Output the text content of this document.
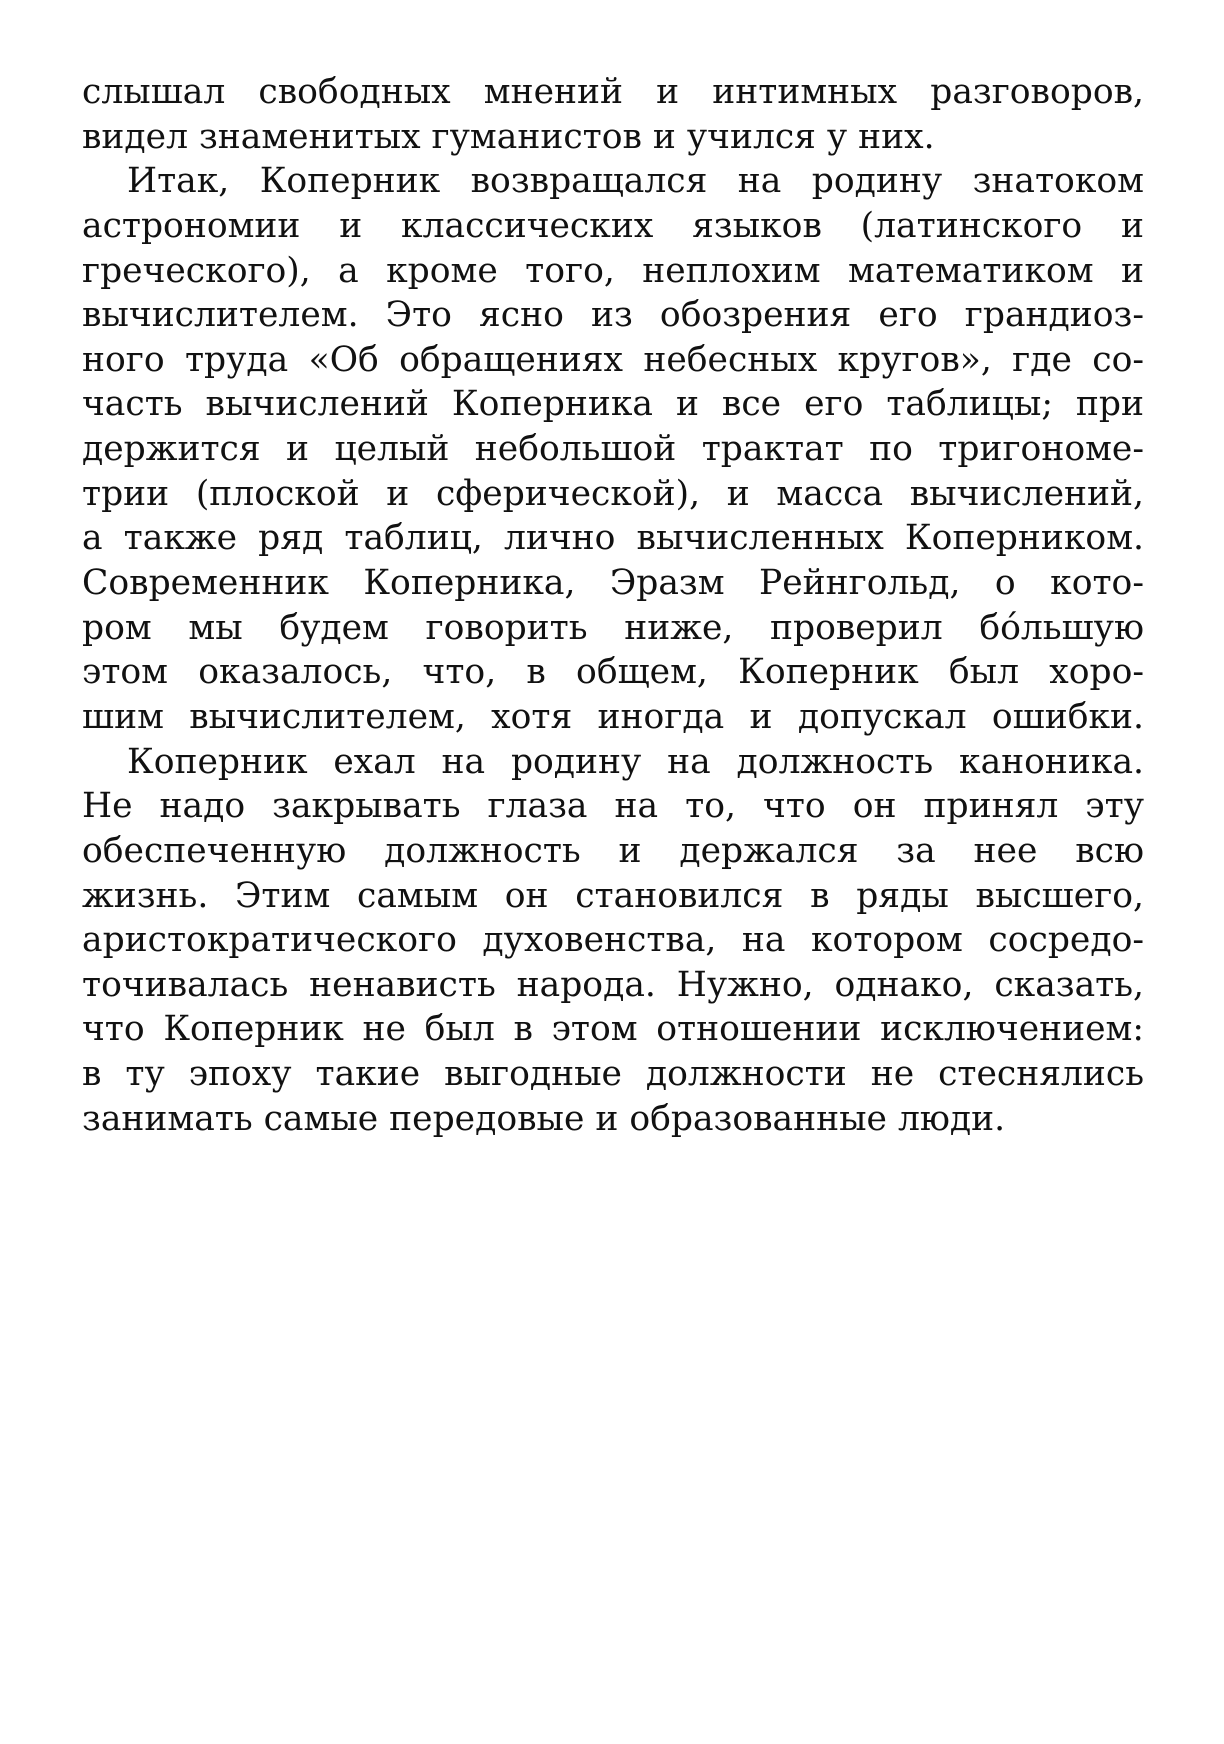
слышал свободных мнений и интимных разговоров,
видел знаменитых гуманистов и учился у них.
Итак, Коперник возвращался на родину знатоком
астрономии и классических языков (латинского и
греческого), а кроме того, неплохим математиком и
вычислителем. Это ясно из обозрения его грандиоз-
ного труда «Об обращениях небесных кругов», где со-
часть вычислений Коперника и все его таблицы; при
держится и целый небольшой трактат по тригономе-
трии (плоской и сферической), и масса вычислений,
а также ряд таблиц, лично вычисленных Коперником.
Современник Коперника, Эразм Рейнгольд, о кото-
ром мы будем говорить ниже, проверил бо́льшую
этом оказалось, что, в общем, Коперник был хоро-
шим вычислителем, хотя иногда и допускал ошибки.
Коперник ехал на родину на должность каноника.
Не надо закрывать глаза на то, что он принял эту
обеспеченную должность и держался за нее всю
жизнь. Этим самым он становился в ряды высшего,
аристократического духовенства, на котором сосредо-
точивалась ненависть народа. Нужно, однако, сказать,
что Коперник не был в этом отношении исключением:
в ту эпоху такие выгодные должности не стеснялись
занимать самые передовые и образованные люди.
